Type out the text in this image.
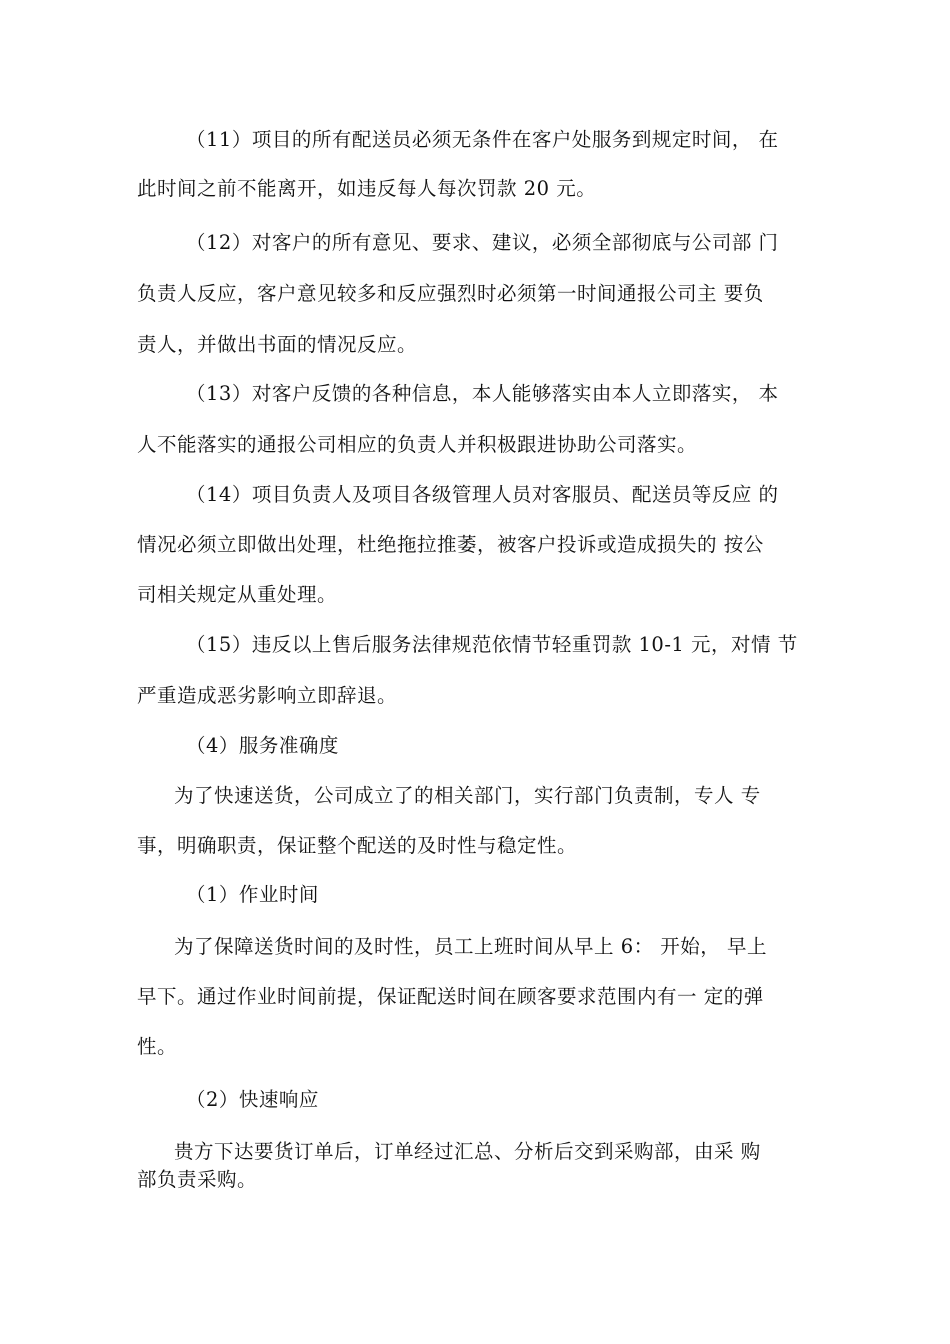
（11）项目的所有配送员必须无条件在客户处服务到规定时间， 在
此时间之前不能离开，如违反每人每次罚款 20 元。
（12）对客户的所有意见、要求、建议，必须全部彻底与公司部 门
负责人反应，客户意见较多和反应强烈时必须第一时间通报公司主 要负
责人，并做出书面的情况反应。
（13）对客户反馈的各种信息，本人能够落实由本人立即落实， 本
人不能落实的通报公司相应的负责人并积极跟进协助公司落实。
（14）项目负责人及项目各级管理人员对客服员、配送员等反应 的
情况必须立即做出处理，杜绝拖拉推萎，被客户投诉或造成损失的 按公
司相关规定从重处理。
（15）违反以上售后服务法律规范依情节轻重罚款 10-1 元，对情 节
严重造成恶劣影响立即辞退。
（4）服务准确度
为了快速送货，公司成立了的相关部门，实行部门负责制，专人 专
事，明确职责，保证整个配送的及时性与稳定性。
（1）作业时间
为了保障送货时间的及时性，员工上班时间从早上 6： 开始， 早上
早下。通过作业时间前提，保证配送时间在顾客要求范围内有一 定的弹
性。
（2）快速响应
贵方下达要货订单后，订单经过汇总、分析后交到采购部，由采 购
部负责采购。
